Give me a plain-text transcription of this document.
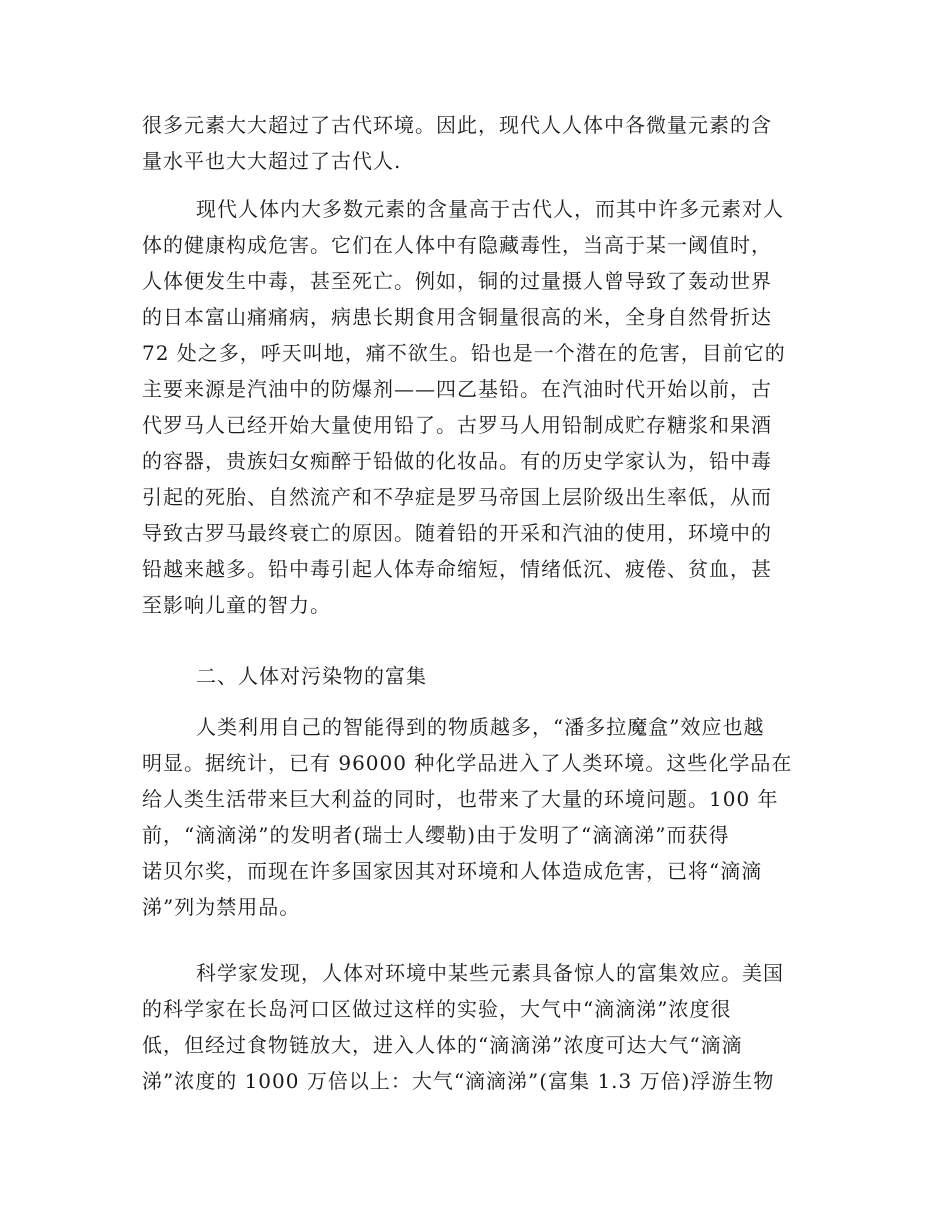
很多元素大大超过了古代环境。因此，现代人人体中各微量元素的含
量水平也大大超过了古代人.
现代人体内大多数元素的含量高于古代人，而其中许多元素对人
体的健康构成危害。它们在人体中有隐藏毒性，当高于某一阈值时，
人体便发生中毒，甚至死亡。例如，铜的过量摄人曾导致了轰动世界
的日本富山痛痛病，病患长期食用含铜量很高的米，全身自然骨折达
72 处之多，呼天叫地，痛不欲生。铅也是一个潜在的危害，目前它的
主要来源是汽油中的防爆剂——四乙基铅。在汽油时代开始以前，古
代罗马人已经开始大量使用铅了。古罗马人用铅制成贮存糖浆和果酒
的容器，贵族妇女痴醉于铅做的化妆品。有的历史学家认为，铅中毒
引起的死胎、自然流产和不孕症是罗马帝国上层阶级出生率低，从而
导致古罗马最终衰亡的原因。随着铅的开采和汽油的使用，环境中的
铅越来越多。铅中毒引起人体寿命缩短，情绪低沉、疲倦、贫血，甚
至影响儿童的智力。
二、人体对污染物的富集
人类利用自己的智能得到的物质越多，“潘多拉魔盒”效应也越
明显。据统计，已有 96000 种化学品进入了人类环境。这些化学品在
给人类生活带来巨大利益的同时，也带来了大量的环境问题。100 年
前，“滴滴涕”的发明者(瑞士人缨勒)由于发明了“滴滴涕”而获得
诺贝尔奖，而现在许多国家因其对环境和人体造成危害，已将“滴滴
涕”列为禁用品。
科学家发现，人体对环境中某些元素具备惊人的富集效应。美国
的科学家在长岛河口区做过这样的实验，大气中“滴滴涕”浓度很
低，但经过食物链放大，进入人体的“滴滴涕”浓度可达大气“滴滴
涕”浓度的 1000 万倍以上：大气“滴滴涕”(富集 1.3 万倍)浮游生物
